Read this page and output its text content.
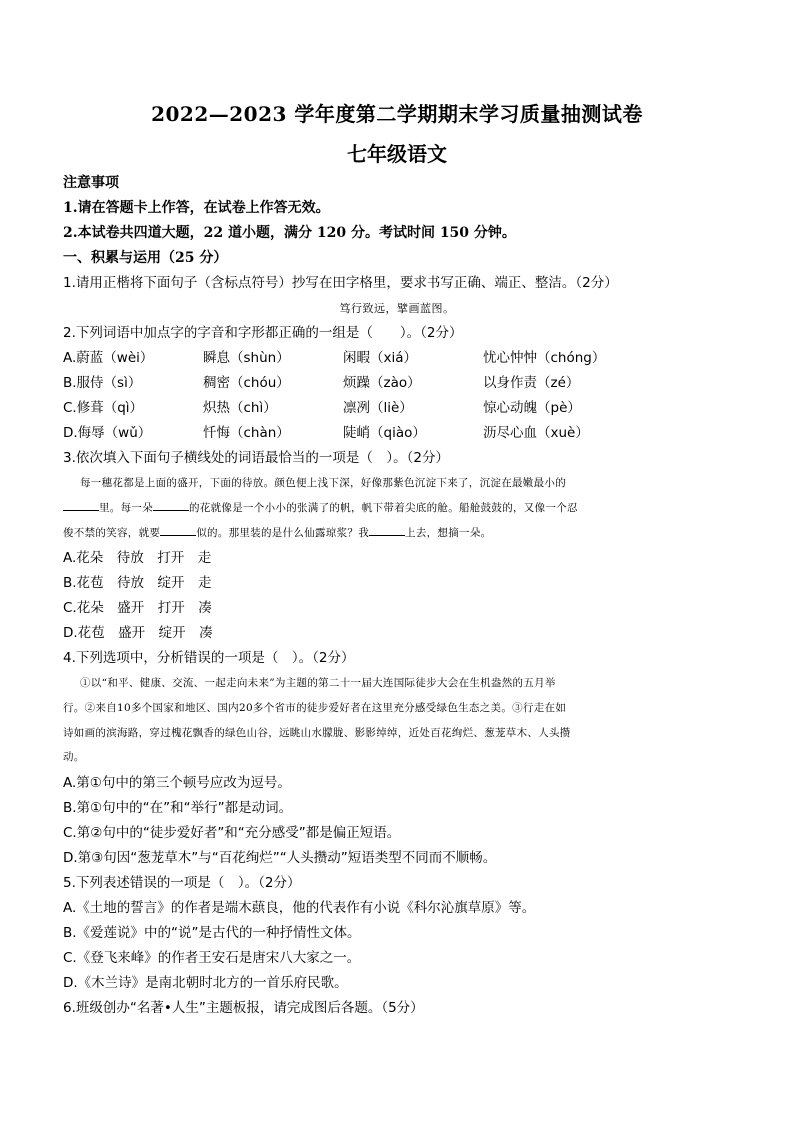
2022—2023 学年度第二学期期末学习质量抽测试卷
七年级语文
注意事项
1.请在答题卡上作答，在试卷上作答无效。
2.本试卷共四道大题，22 道小题，满分 120 分。考试时间 150 分钟。
一、积累与运用（25 分）
1.请用正楷将下面句子（含标点符号）抄写在田字格里，要求书写正确、端正、整洁。（2分）
笃行致远，擘画蓝图。
2.下列词语中加点字的字音和字形都正确的一组是（　　）。（2分）
A.蔚蓝（wèi）	瞬息（shùn）	闲暇（xiá）	忧心忡忡（chóng）
B.服侍（sì）	稠密（chóu）	烦躁（zào）	以身作责（zé）
C.修葺（qì）	炽热（chì）	凛冽（liè）	惊心动魄（pè）
D.侮辱（wǔ）	忏悔（chàn）	陡峭（qiào）	沥尽心血（xuè）
3.依次填入下面句子横线处的词语最恰当的一项是（　）。（2分）
每一穗花都是上面的盛开，下面的待放。颜色便上浅下深，好像那紫色沉淀下来了，沉淀在最嫩最小的
里。每一朵	的花就像是一个小小的张满了的帆，帆下带着尖底的舱。船舱鼓鼓的，又像一个忍
俊不禁的笑容，就要	似的。那里装的是什么仙露琼浆？我	上去，想摘一朵。
A.花朵　待放　打开　走
B.花苞　待放　绽开　走
C.花朵　盛开　打开　凑
D.花苞　盛开　绽开　凑
4.下列选项中，分析错误的一项是（　）。（2分）
①以“和平、健康、交流、一起走向未来”为主题的第二十一届大连国际徒步大会在生机盎然的五月举
行。②来自10多个国家和地区、国内20多个省市的徒步爱好者在这里充分感受绿色生态之美。③行走在如
诗如画的滨海路，穿过槐花飘香的绿色山谷，远眺山水朦胧、影影绰绰，近处百花绚烂、葱茏草木、人头攒
动。
A.第①句中的第三个顿号应改为逗号。
B.第①句中的“在”和“举行”都是动词。
C.第②句中的“徒步爱好者”和“充分感受”都是偏正短语。
D.第③句因“葱茏草木”与“百花绚烂”“人头攒动”短语类型不同而不顺畅。
5.下列表述错误的一项是（　）。（2分）
A.《土地的誓言》的作者是端木蕻良，他的代表作有小说《科尔沁旗草原》等。
B.《爱莲说》中的“说”是古代的一种抒情性文体。
C.《登飞来峰》的作者王安石是唐宋八大家之一。
D.《木兰诗》是南北朝时北方的一首乐府民歌。
6.班级创办“名著•人生”主题板报，请完成图后各题。（5分）
